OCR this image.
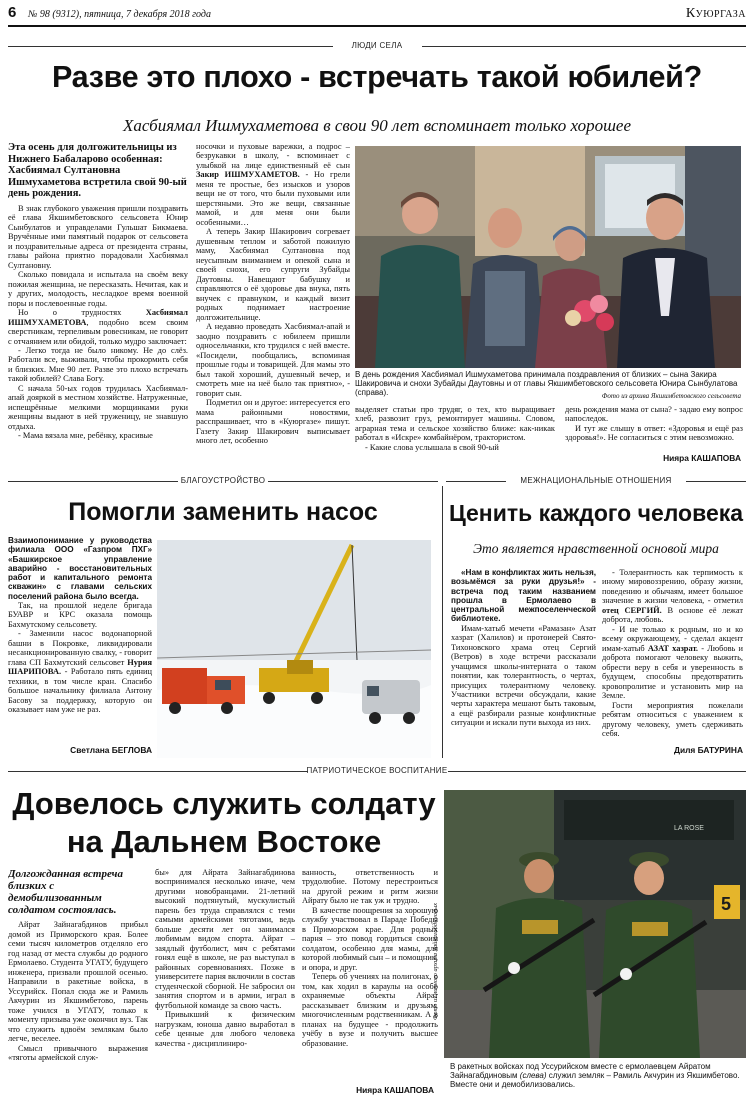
6 № 98 (9312), пятница, 7 декабря 2018 года	Куюргаза
ЛЮДИ СЕЛА
Разве это плохо - встречать такой юбилей?
Хасбиямал Ишмухаметова в свои 90 лет вспоминает только хорошее

Эта осень для долгожительницы из Нижнего Бабаларово особенная: Хасбиямал Султановна Ишмухаметова встретила свой 90-ый день рождения.

В знак глубокого уважения пришли поздравить её глава Якшимбетовского сельсовета Юнир Сынбулатов и управделами Гульшат Бикмаева. Вручённые ими памятный подарок от сельсовета и поздравительные адреса от президента страны, главы района приятно порадовали Хасбиямал Султановну.

Сколько повидала и испытала на своём веку пожилая женщина, не пересказать. Нечитая, как и у других, молодость, несладкое время военной поры и послевоенные годы.

Но о трудностях	Хасбиямал ИШМУХАМЕТОВА, подобно всем своим сверстникам, терпеливым ровесникам, не говорит с отчаянием или обидой, только мудро заключает:

- Легко тогда не было никому. Не до слёз. Работали все, выживали, чтобы прокормить себя и близких. Мне 90 лет. Разве это плохо встречать такой юбилей? Слава Богу.

С начала 50-ых годов трудилась Хасбиямал-апай дояркой в местном хозяйстве. Натруженные, испещрённые мелкими морщинками руки женщины выдают в ней труженицу, не знавшую отдыха.

- Мама вязала мне, ребёнку, красивые

носочки и пуховые варежки, а подрос – безрукавки в школу, - вспоминает с улыбкой на лице единственный её сын Закир ИШМУХАМЕТОВ. - Но грели меня те простые, без изысков и узоров вещи не от того, что были пуховыми или шерстяными. Это же вещи, связанные мамой, и для меня они были особенными…

А теперь Закир Шакирович согревает душевным теплом и заботой пожилую маму, Хасбиямал Султановна под неусыпным вниманием и опекой сына и своей снохи, его супруги Зубайды Даутовны. Навещают бабушку и справляются о её здоровье два внука, пять внучек с правнуком, и каждый визит родных поднимает настроение долгожительнице.

А недавно проведать Хасбиямал-апай и заодно поздравить с юбилеем пришли односельчанки, кто трудился с ней вместе. «Посидели, пообщались, вспоминая прошлые годы и товарищей. Для мамы это был такой хороший, душевный вечер, и смотреть мне на неё было так приятно», - говорит сын.

Подметил он и другое: интересуется его мама районными новостями, расспрашивает, что в «Куюргазе» пишут. Газету Закир Шакирович выписывает много лет, особенно

В день рождения Хасбиямал Ишмухаметова принимала поздравления от близких – сына Закира Шакировича и снохи Зубайды Даутовны и от главы Якшимбетовского сельсовета Юнира Сынбулатова (справа).	Фото из архива Якшимбетовского сельсовета

выделяет статьи про трудяг, о тех, кто выращивает хлеб, развозит груз, ремонтирует машины. Словом, аграрная тема и сельское хозяйство ближе: как-никак работал в «Искре» комбайнёром, трактористом.

- Какие слова услышала в свой 90-ый

день рождения мама от сына? - задаю ему вопрос напоследок.

И тут же слышу в ответ: «Здоровья и ещё раз здоровья!». Не согласиться с этим невозможно.

Нияра КАШАПОВА
БЛАГОУСТРОЙСТВО
Помогли заменить насос

Взаимопонимание у руководства филиала ООО «Газпром ПХГ» «Башкирское управление аварийно - восстановительных работ и капитального ремонта скважин» с главами сельских поселений района было всегда.

Так, на прошлой неделе бригада БУАВР и КРС оказала помощь Бахмутскому сельсовету.

- Заменили насос водонапорной башни в Покровке, ликвидировали несанкционированную свалку, - говорит глава СП Бахмутский сельсовет Нурия ШАРИПОВА. - Работало пять единиц техники, в том числе кран. Спасибо большое начальнику филиала Антону Басову за поддержку, которую он оказывает нам уже не раз.

Светлана БЕГЛОВА
МЕЖНАЦИОНАЛЬНЫЕ ОТНОШЕНИЯ
Ценить каждого человека
Это являeтся нравственной основой мира

«Нам в конфликтах жить нельзя, возьмёмся за руки друзья!» - встреча под таким названием прошла в Ермолаево в центральной межпоселенческой библиотеке.

Имам-хатыб мечети «Рамазан» Азат хазрат (Халилов) и протоиерей Свято-Тихоновского храма отец Сергий (Ветров) в ходе встречи рассказали учащимся школы-интерната о таком понятии, как толерантность, о чертах, присущих толерантному человеку. Участники встречи обсуждали, какие черты характера мешают быть таковым, а ещё разбирали разные конфликтные ситуации и искали пути выхода из них.

- Толерантность как терпимость к иному мировоззрению, образу жизни, поведению и обычаям, имеет большое значение в жизни человека, - отметил отец СЕРГИЙ. В основе её лежат доброта, любовь.

- И не только к родным, но и ко всему окружающему, - сделал акцент имам-хатыб АЗАТ хазрат. - Любовь и доброта помогают человеку выжить, обрести веру в себя и уверенность в будущем, способны предотвратить кровопролитие и установить мир на Земле.

Гости мероприятия пожелали ребятам относиться с уважением к другому человеку, уметь сдерживать себя.

Диля БАТУРИНА
ПАТРИОТИЧЕСКОЕ ВОСПИТАНИЕ
Довелось служить солдату
на Дальнем Востоке

Долгожданная встреча близких с демобилизованным солдатом состоялась.

Айрат Зайнагабдинов прибыл домой из Приморского края. Более семи тысяч километров отделяло его год назад от места службы до родного Ермолаево. Студента УГАТУ, будущего инженера, призвали прошлой осенью. Направили в ракетные войска, в Уссурийск. Попал сюда же и Рамиль Акчурин из Якшимбетово, парень тоже учился в УГАТУ, только к моменту призыва уже окончил вуз. Так что служить вдвоём землякам было легче, веселее.

Смысл привычного выражения «тяготы армейской служ-

бы» для Айрата Зайнагабдинова воспринимался несколько иначе, чем другими новобранцами. 21-летний высокий подтянутый, мускулистый парень без труда справлялся с теми самыми армейскими тяготами, ведь больше десяти лет он занимался любимым видом спорта. Айрат – заядлый футболист, мяч с ребятами гонял ещё в школе, не раз выступал в районных соревнованиях. Позже в университете парня включили в состав студенческой сборной. Не забросил он занятия спортом и в армии, играл в футбольной команде за свою часть.

Привыкший к физическим нагрузкам, юноша давно выработал в себе ценные для любого человека качества - дисциплиниро-

ванность, ответственность и трудолюбие. Потому перестроиться на другой режим и ритм жизни Айрату было не так уж и трудно.

В качестве поощрения за хорошую службу участвовал в Параде Победы в Приморском крае. Для родных парня – это повод гордиться своим солдатом, особенно для мамы, для которой любимый сын – и помощник, и опора, и друг.

Теперь об учениях на полигонах, о том, как ходил в караулы на особо охраняемые объекты Айрат рассказывает близким и друзьям, многочисленным родственникам. А в планах на будущее - продолжить учёбу в вузе и получить высшее образование.

Нияра КАШАПОВА
5
LA ROSE
Фото из личного архива Зайнагабдиновых
В ракетных войсках под Уссурийском вместе с ермолаевцем Айратом Зайнагабдиновым (слева) служил земляк – Рамиль Акчурин из Якшимбетово. Вместе они и демобилизовались.
